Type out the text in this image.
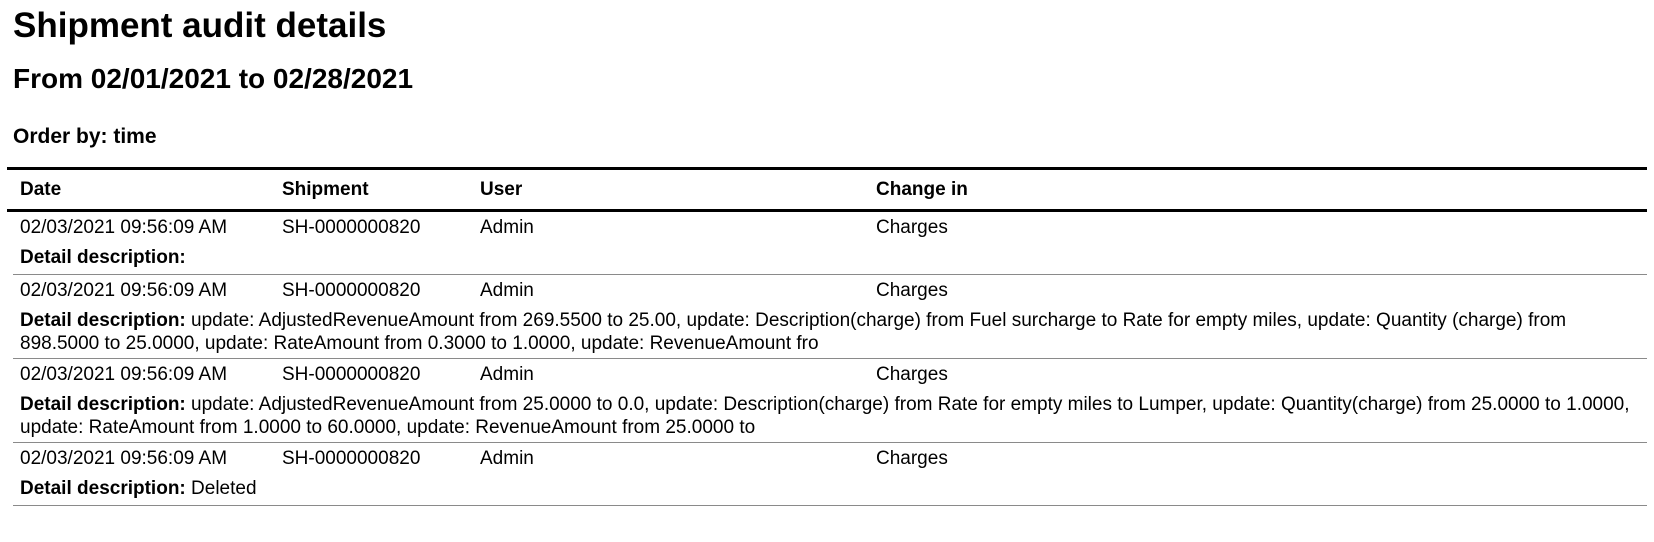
Shipment audit details
From 02/01/2021 to 02/28/2021
Order by: time
Date	Shipment	User	Change in
02/03/2021 09:56:09 AM	SH-0000000820	Admin	Charges
Detail description:
02/03/2021 09:56:09 AM	SH-0000000820	Admin	Charges
Detail description: update: AdjustedRevenueAmount from 269.5500 to 25.00, update: Description(charge) from Fuel surcharge to Rate for empty miles, update: Quantity (charge) from 898.5000 to 25.0000, update: RateAmount from 0.3000 to 1.0000, update: RevenueAmount fro
02/03/2021 09:56:09 AM	SH-0000000820	Admin	Charges
Detail description: update: AdjustedRevenueAmount from 25.0000 to 0.0, update: Description(charge) from Rate for empty miles to Lumper, update: Quantity(charge) from 25.0000 to 1.0000, update: RateAmount from 1.0000 to 60.0000, update: RevenueAmount from 25.0000 to
02/03/2021 09:56:09 AM	SH-0000000820	Admin	Charges
Detail description: Deleted
